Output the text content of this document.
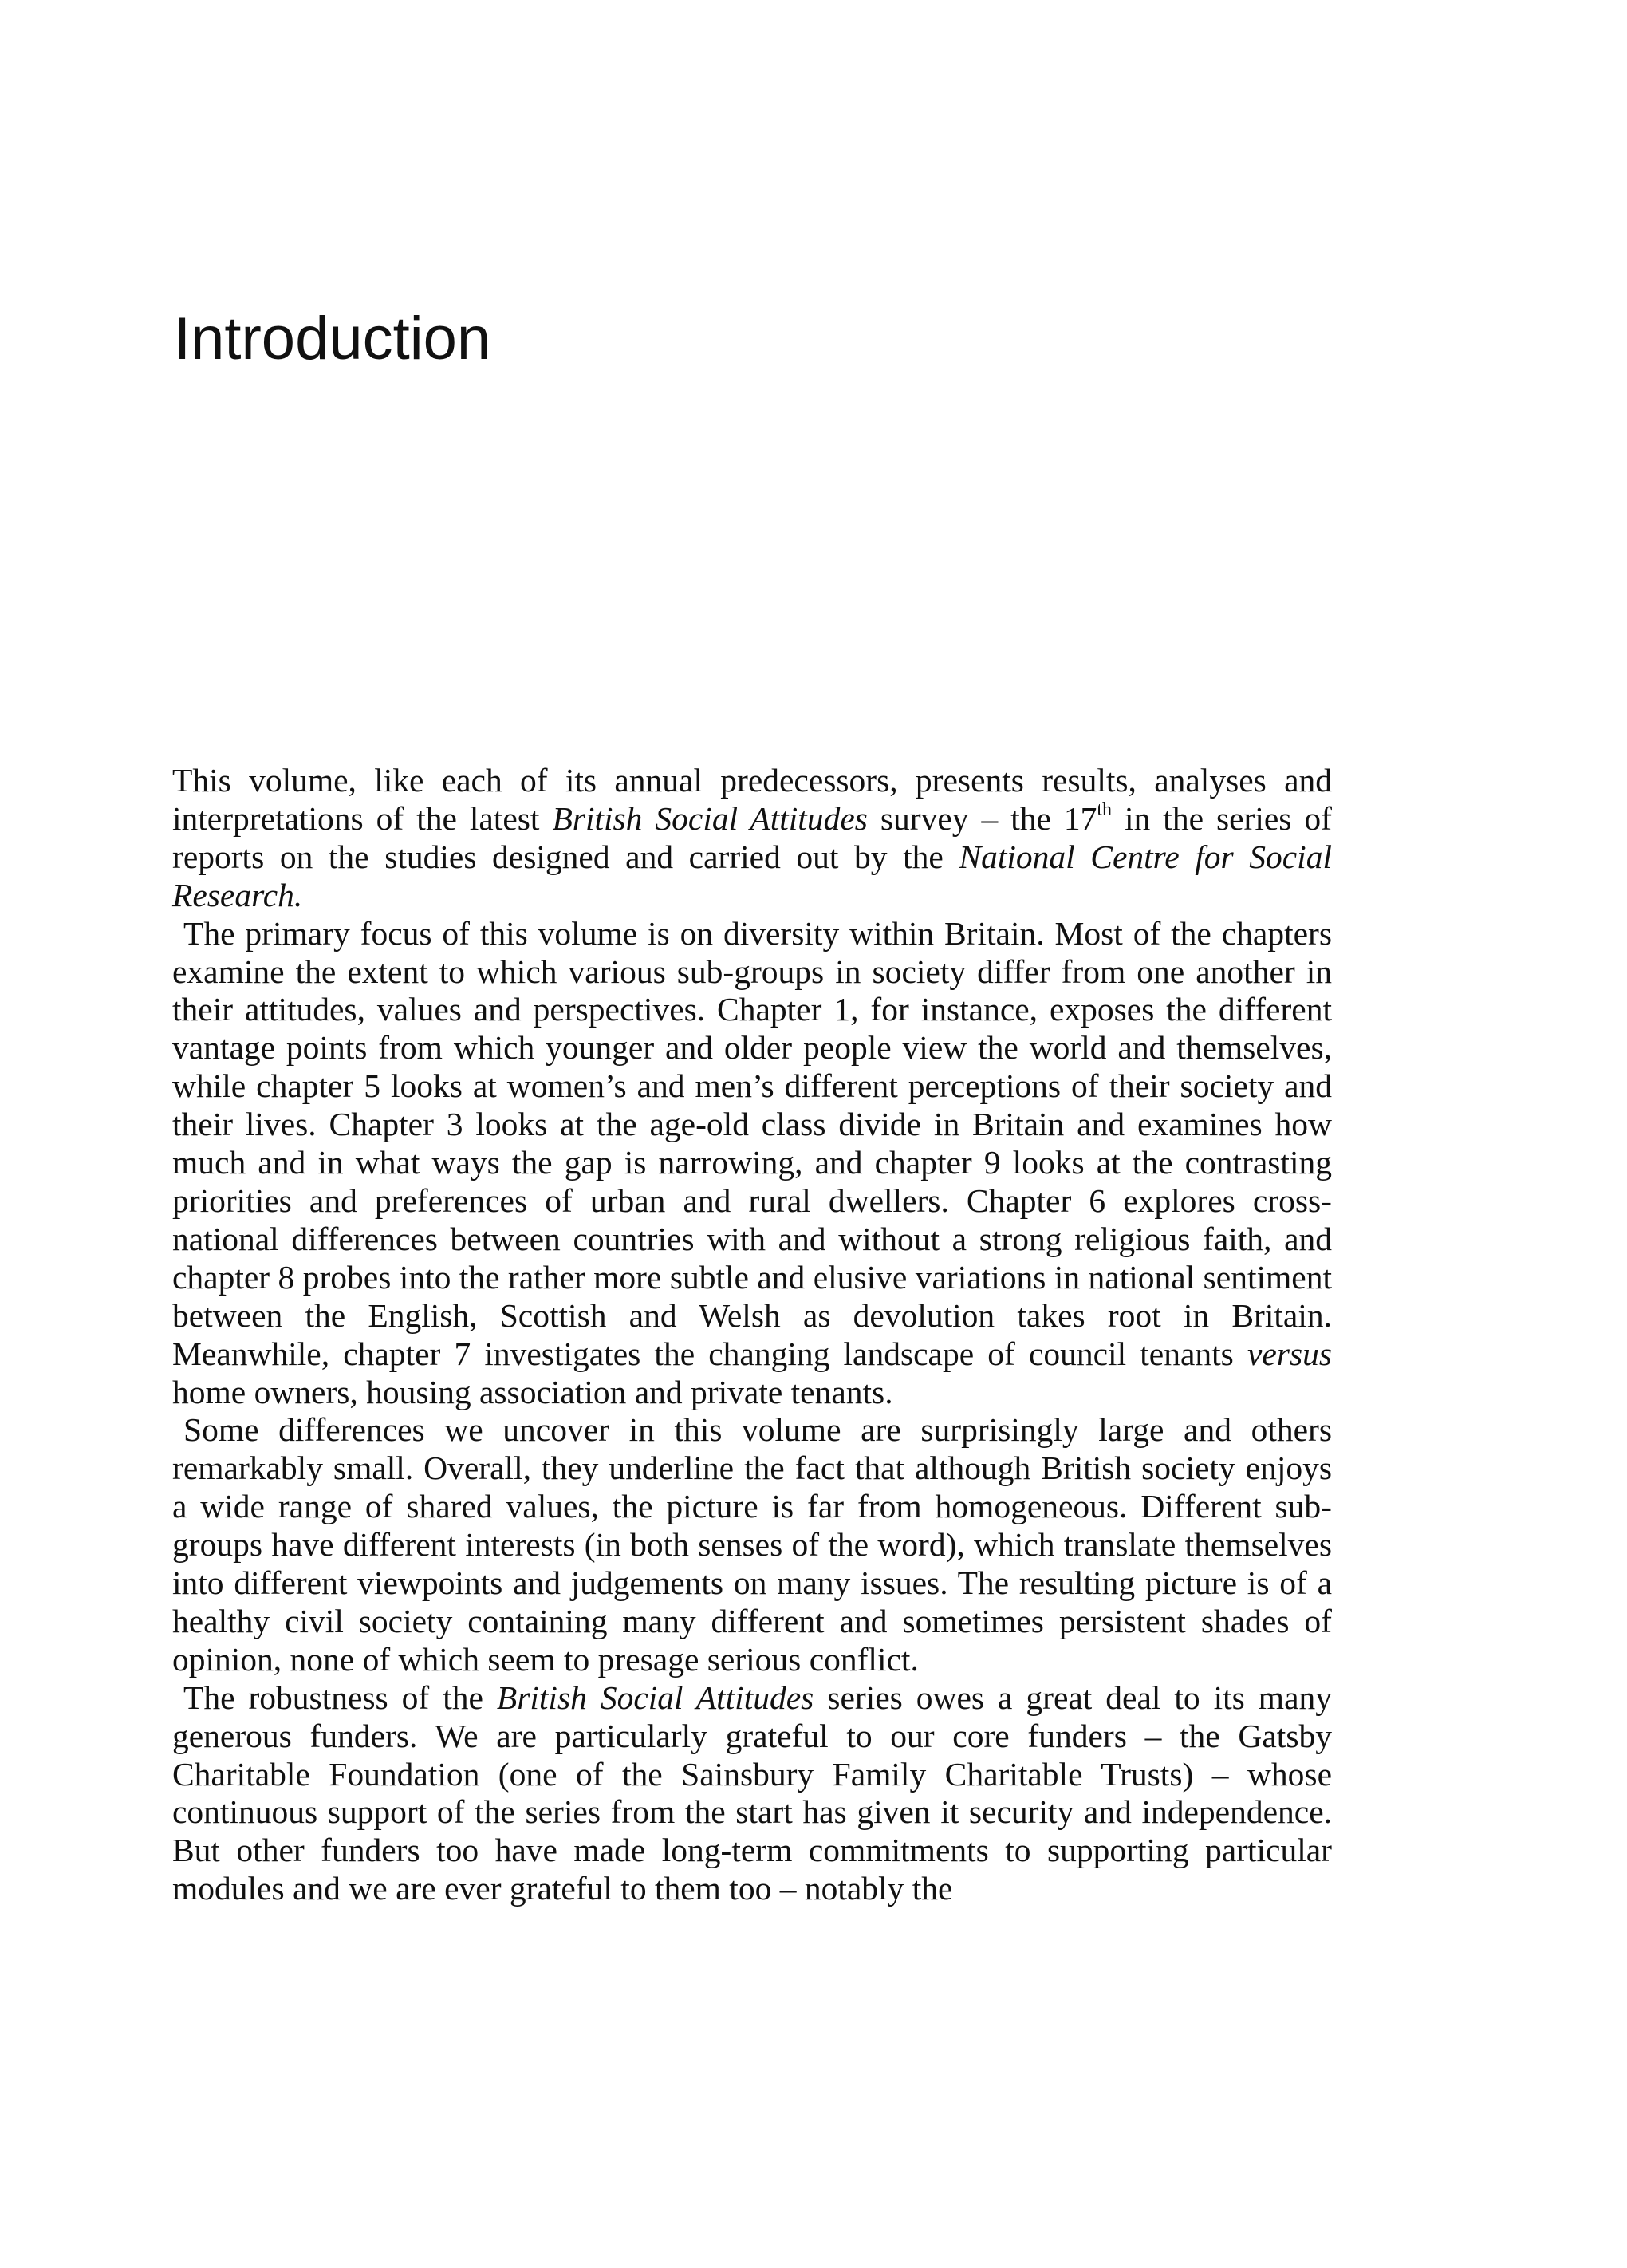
Introduction

This volume, like each of its annual predecessors, presents results, analyses and interpretations of the latest British Social Attitudes survey – the 17th in the series of reports on the studies designed and carried out by the National Centre for Social Research.

The primary focus of this volume is on diversity within Britain. Most of the chapters examine the extent to which various sub-groups in society differ from one another in their attitudes, values and perspectives. Chapter 1, for instance, exposes the different vantage points from which younger and older people view the world and themselves, while chapter 5 looks at women’s and men’s different perceptions of their society and their lives. Chapter 3 looks at the age-old class divide in Britain and examines how much and in what ways the gap is narrowing, and chapter 9 looks at the contrasting priorities and preferences of urban and rural dwellers. Chapter 6 explores cross-national differences between countries with and without a strong religious faith, and chapter 8 probes into the rather more subtle and elusive variations in national sentiment between the English, Scottish and Welsh as devolution takes root in Britain. Meanwhile, chapter 7 investigates the changing landscape of council tenants versus home owners, housing association and private tenants.

Some differences we uncover in this volume are surprisingly large and others remarkably small. Overall, they underline the fact that although British society enjoys a wide range of shared values, the picture is far from homogeneous. Different sub-groups have different interests (in both senses of the word), which translate themselves into different viewpoints and judgements on many issues. The resulting picture is of a healthy civil society containing many different and sometimes persistent shades of opinion, none of which seem to presage serious conflict.

The robustness of the British Social Attitudes series owes a great deal to its many generous funders. We are particularly grateful to our core funders – the Gatsby Charitable Foundation (one of the Sainsbury Family Charitable Trusts) – whose continuous support of the series from the start has given it security and independence. But other funders too have made long-term commitments to supporting particular modules and we are ever grateful to them too – notably the
